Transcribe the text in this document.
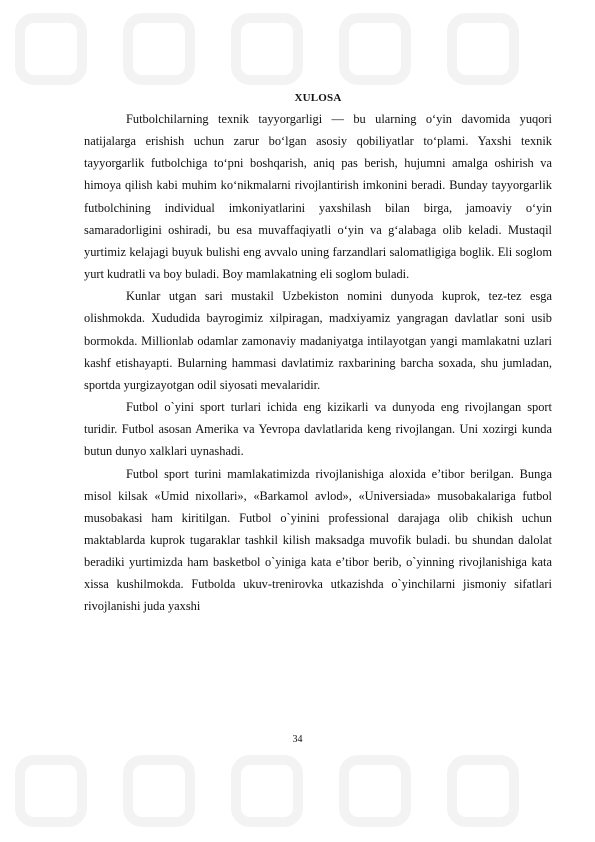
XULOSA

Futbolchilarning texnik tayyorgarligi — bu ularning o‘yin davomida yuqori natijalarga erishish uchun zarur bo‘lgan asosiy qobiliyatlar to‘plami. Yaxshi texnik tayyorgarlik futbolchiga to‘pni boshqarish, aniq pas berish, hujumni amalga oshirish va himoya qilish kabi muhim ko‘nikmalarni rivojlantirish imkonini beradi. Bunday tayyorgarlik futbolchining individual imkoniyatlarini yaxshilash bilan birga, jamoaviy o‘yin samaradorligini oshiradi, bu esa muvaffaqiyatli o‘yin va g‘alabaga olib keladi. Mustaqil yurtimiz kelajagi buyuk bulishi eng avvalo uning farzandlari salomatligiga boglik. Eli soglom yurt kudratli va boy buladi. Boy mamlakatning eli soglom buladi.

Kunlar utgan sari mustakil Uzbekiston nomini dunyoda kuprok, tez-tez esga olishmokda. Xududida bayrogimiz xilpiragan, madxiyamiz yangragan davlatlar soni usib bormokda. Millionlab odamlar zamonaviy madaniyatga intilayotgan yangi mamlakatni uzlari kashf etishayapti. Bularning hammasi davlatimiz raxbarining barcha soxada, shu jumladan, sportda yurgizayotgan odil siyosati mevalaridir.

Futbol o`yini sport turlari ichida eng kizikarli va dunyoda eng rivojlangan sport turidir. Futbol asosan Amerika va Yevropa davlatlarida keng rivojlangan. Uni xozirgi kunda butun dunyo xalklari uynashadi.

Futbol sport turini mamlakatimizda rivojlanishiga aloxida e’tibor berilgan. Bunga misol kilsak «Umid nixollari», «Barkamol avlod», «Universiada» musobakalariga futbol musobakasi ham kiritilgan. Futbol o`yinini professional darajaga olib chikish uchun maktablarda kuprok tugaraklar tashkil kilish maksadga muvofik buladi. bu shundan dalolat beradiki yurtimizda ham basketbol o`yiniga kata e’tibor berib, o`yinning rivojlanishiga kata xissa kushilmokda. Futbolda ukuv-trenirovka utkazishda o`yinchilarni jismoniy sifatlari rivojlanishi juda yaxshi

34
